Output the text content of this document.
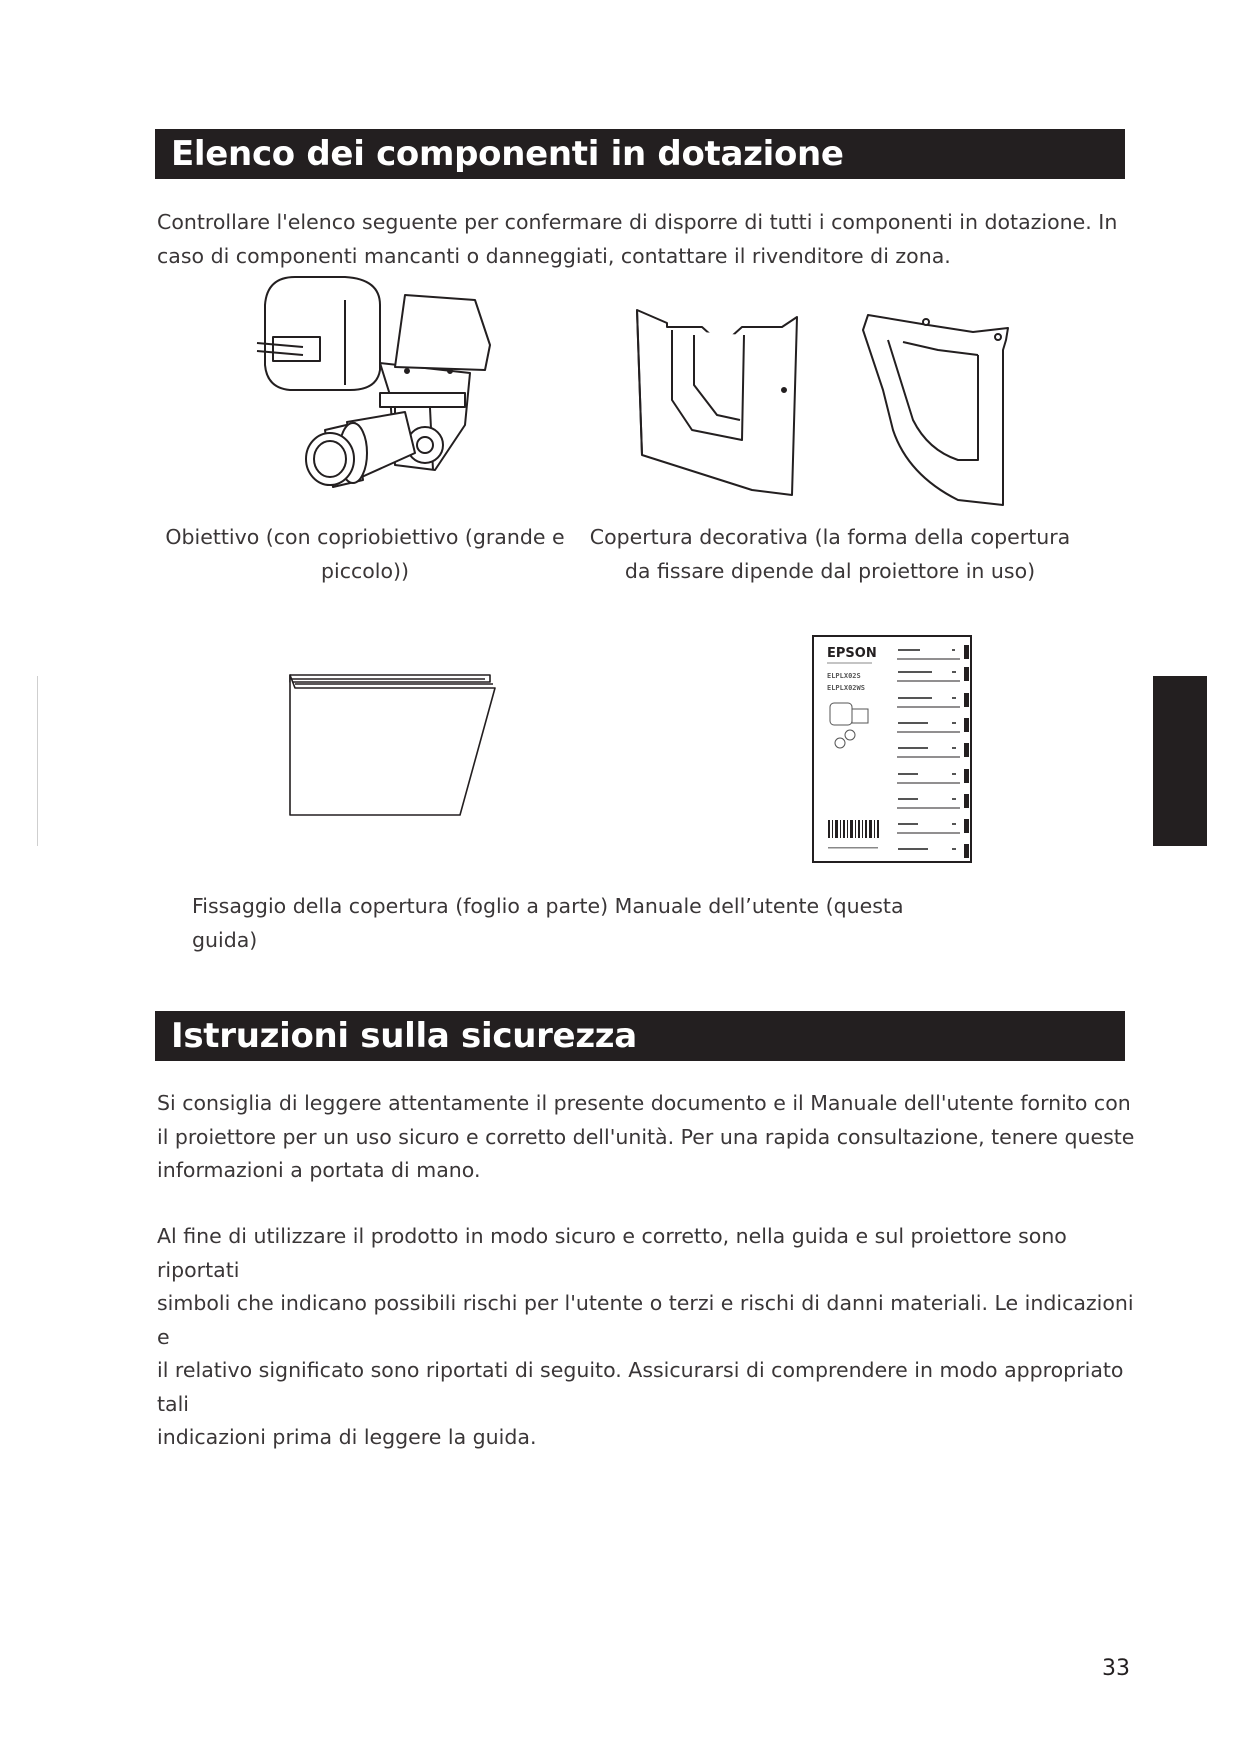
Elenco dei componenti in dotazione

Controllare l'elenco seguente per confermare di disporre di tutti i componenti in dotazione. In
caso di componenti mancanti o danneggiati, contattare il rivenditore di zona.

Obiettivo (con copriobiettivo (grande e
piccolo))

Copertura decorativa (la forma della copertura
da fissare dipende dal proiettore in uso)

EPSON
ELPLX02S
ELPLX02WS

Fissaggio della copertura (foglio a parte) Manuale dell’utente (questa guida)

Istruzioni sulla sicurezza

Si consiglia di leggere attentamente il presente documento e il Manuale dell'utente fornito con
il proiettore per un uso sicuro e corretto dell'unità. Per una rapida consultazione, tenere queste
informazioni a portata di mano.

Al fine di utilizzare il prodotto in modo sicuro e corretto, nella guida e sul proiettore sono riportati
simboli che indicano possibili rischi per l'utente o terzi e rischi di danni materiali. Le indicazioni e
il relativo significato sono riportati di seguito. Assicurarsi di comprendere in modo appropriato tali
indicazioni prima di leggere la guida.

33
